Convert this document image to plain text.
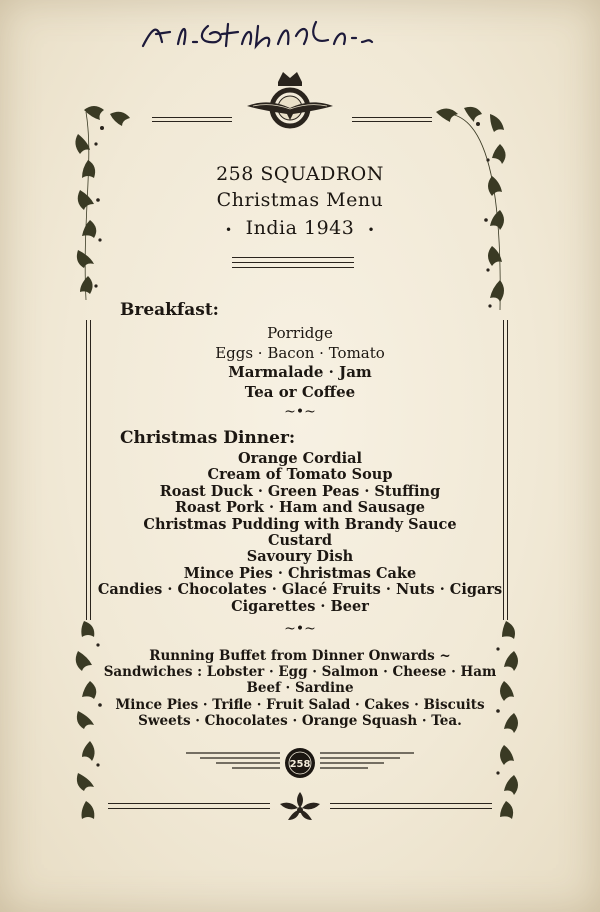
258 SQUADRON
Christmas Menu
• India 1943 •
Breakfast:
Porridge
Eggs · Bacon · Tomato
Marmalade · Jam
Tea or Coffee
~•~
Christmas Dinner:
Orange Cordial
Cream of Tomato Soup
Roast Duck · Green Peas · Stuffing
Roast Pork · Ham and Sausage
Christmas Pudding with Brandy Sauce
Custard
Savoury Dish
Mince Pies · Christmas Cake
Candies · Chocolates · Glacé Fruits · Nuts · Cigars
Cigarettes · Beer
~•~
Running Buffet from Dinner Onwards ~
Sandwiches : Lobster · Egg · Salmon · Cheese · Ham
Beef · Sardine
Mince Pies · Trifle · Fruit Salad · Cakes · Biscuits
Sweets · Chocolates · Orange Squash · Tea.
258
